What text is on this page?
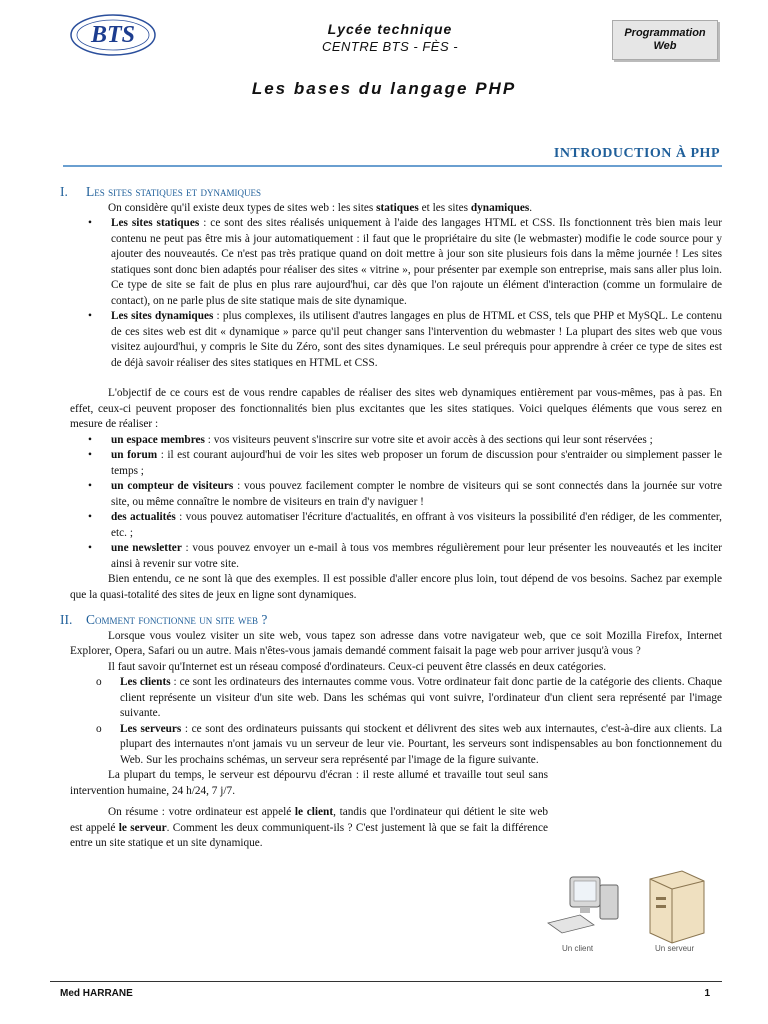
BTS	Lycée technique
CENTRE BTS - FÈS -
Programmation
Web
Les bases du langage PHP
INTRODUCTION À PHP
I. Les sites statiques et dynamiques

On considère qu'il existe deux types de sites web : les sites statiques et les sites dynamiques.

• Les sites statiques : ce sont des sites réalisés uniquement à l'aide des langages HTML et CSS. Ils fonctionnent très bien mais leur contenu ne peut pas être mis à jour automatiquement : il faut que le propriétaire du site (le webmaster) modifie le code source pour y ajouter des nouveautés. Ce n'est pas très pratique quand on doit mettre à jour son site plusieurs fois dans la même journée ! Les sites statiques sont donc bien adaptés pour réaliser des sites « vitrine », pour présenter par exemple son entreprise, mais sans aller plus loin. Ce type de site se fait de plus en plus rare aujourd'hui, car dès que l'on rajoute un élément d'interaction (comme un formulaire de contact), on ne parle plus de site statique mais de site dynamique.
• Les sites dynamiques : plus complexes, ils utilisent d'autres langages en plus de HTML et CSS, tels que PHP et MySQL. Le contenu de ces sites web est dit « dynamique » parce qu'il peut changer sans l'intervention du webmaster ! La plupart des sites web que vous visitez aujourd'hui, y compris le Site du Zéro, sont des sites dynamiques. Le seul prérequis pour apprendre à créer ce type de sites est de déjà savoir réaliser des sites statiques en HTML et CSS.

L'objectif de ce cours est de vous rendre capables de réaliser des sites web dynamiques entièrement par vous-mêmes, pas à pas. En effet, ceux-ci peuvent proposer des fonctionnalités bien plus excitantes que les sites statiques. Voici quelques éléments que vous serez en mesure de réaliser :

• un espace membres : vos visiteurs peuvent s'inscrire sur votre site et avoir accès à des sections qui leur sont réservées ;
• un forum : il est courant aujourd'hui de voir les sites web proposer un forum de discussion pour s'entraider ou simplement passer le temps ;
• un compteur de visiteurs : vous pouvez facilement compter le nombre de visiteurs qui se sont connectés dans la journée sur votre site, ou même connaître le nombre de visiteurs en train d'y naviguer !
• des actualités : vous pouvez automatiser l'écriture d'actualités, en offrant à vos visiteurs la possibilité d'en rédiger, de les commenter, etc. ;
• une newsletter : vous pouvez envoyer un e-mail à tous vos membres régulièrement pour leur présenter les nouveautés et les inciter ainsi à revenir sur votre site.

Bien entendu, ce ne sont là que des exemples. Il est possible d'aller encore plus loin, tout dépend de vos besoins. Sachez par exemple que la quasi-totalité des sites de jeux en ligne sont dynamiques.

II. Comment fonctionne un site web ?

Lorsque vous voulez visiter un site web, vous tapez son adresse dans votre navigateur web, que ce soit Mozilla Firefox, Internet Explorer, Opera, Safari ou un autre. Mais n'êtes-vous jamais demandé comment faisait la page web pour arriver jusqu'à vous ?

Il faut savoir qu'Internet est un réseau composé d'ordinateurs. Ceux-ci peuvent être classés en deux catégories.

o Les clients : ce sont les ordinateurs des internautes comme vous. Votre ordinateur fait donc partie de la catégorie des clients. Chaque client représente un visiteur d'un site web. Dans les schémas qui vont suivre, l'ordinateur d'un client sera représenté par l'image suivante.
o Les serveurs : ce sont des ordinateurs puissants qui stockent et délivrent des sites web aux internautes, c'est-à-dire aux clients. La plupart des internautes n'ont jamais vu un serveur de leur vie. Pourtant, les serveurs sont indispensables au bon fonctionnement du Web. Sur les prochains schémas, un serveur sera représenté par l'image de la figure suivante.

La plupart du temps, le serveur est dépourvu d'écran : il reste allumé et travaille tout seul sans intervention humaine, 24 h/24, 7 j/7.

On résume : votre ordinateur est appelé le client, tandis que l'ordinateur qui détient le site web est appelé le serveur. Comment les deux communiquent-ils ? C'est justement là que se fait la différence entre un site statique et un site dynamique.

Un client	Un serveur
Med HARRANE	1
